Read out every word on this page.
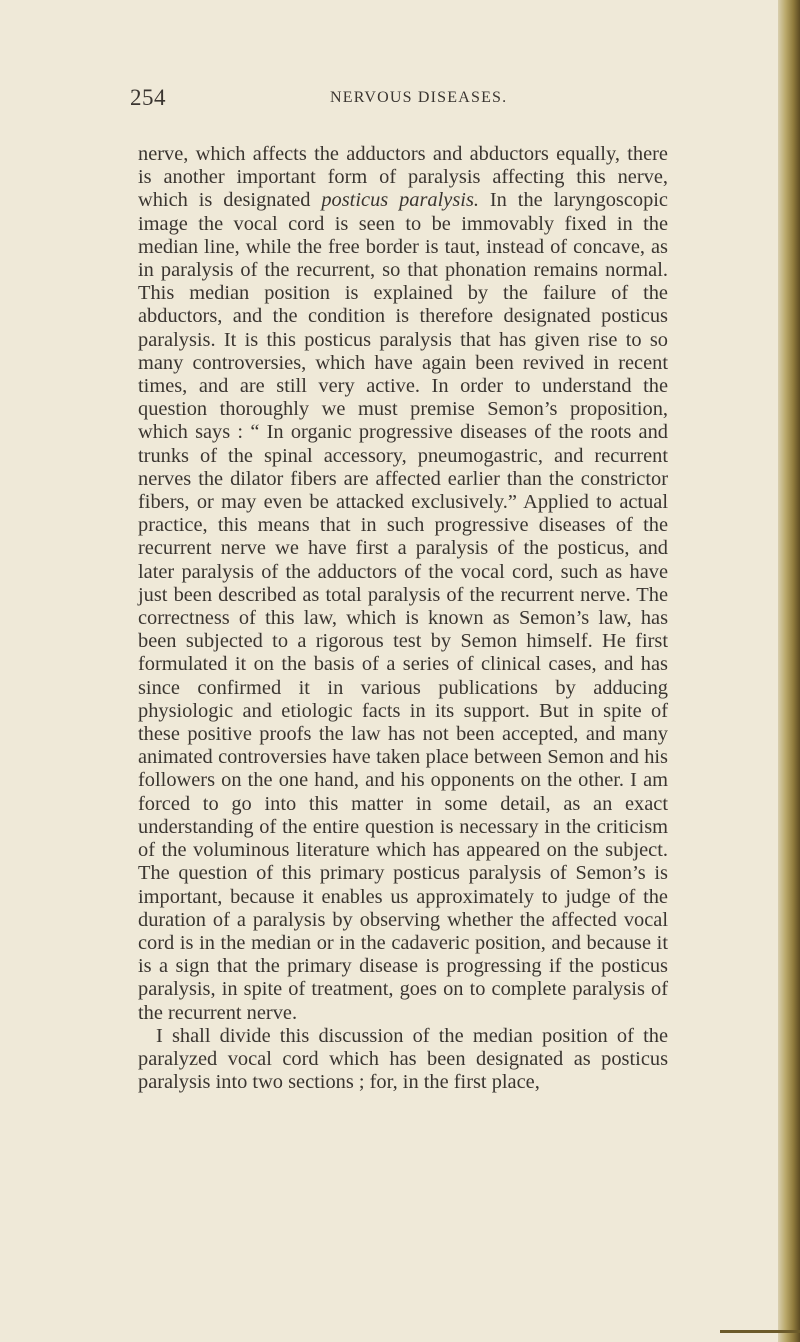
254	NERVOUS DISEASES.

nerve, which affects the adductors and abductors equally, there is another important form of paralysis affecting this nerve, which is designated posticus paralysis. In the laryngoscopic image the vocal cord is seen to be immovably fixed in the median line, while the free border is taut, instead of concave, as in paralysis of the recurrent, so that phonation remains normal. This median position is explained by the failure of the abductors, and the condition is therefore designated posticus paralysis. It is this posticus paralysis that has given rise to so many controversies, which have again been revived in recent times, and are still very active. In order to understand the question thoroughly we must premise Semon’s proposition, which says : “ In organic progressive diseases of the roots and trunks of the spinal accessory, pneumogastric, and recurrent nerves the dilator fibers are affected earlier than the constrictor fibers, or may even be attacked exclusively.” Applied to actual practice, this means that in such progressive diseases of the recurrent nerve we have first a paralysis of the posticus, and later paralysis of the adductors of the vocal cord, such as have just been described as total paralysis of the recurrent nerve. The correctness of this law, which is known as Semon’s law, has been subjected to a rigorous test by Semon himself. He first formulated it on the basis of a series of clinical cases, and has since confirmed it in various publications by adducing physiologic and etiologic facts in its support. But in spite of these positive proofs the law has not been accepted, and many animated controversies have taken place between Semon and his followers on the one hand, and his opponents on the other. I am forced to go into this matter in some detail, as an exact understanding of the entire question is necessary in the criticism of the voluminous literature which has appeared on the subject. The question of this primary posticus paralysis of Semon’s is important, because it enables us approximately to judge of the duration of a paralysis by observing whether the affected vocal cord is in the median or in the cadaveric position, and because it is a sign that the primary disease is progressing if the posticus paralysis, in spite of treatment, goes on to complete paralysis of the recurrent nerve.

I shall divide this discussion of the median position of the paralyzed vocal cord which has been designated as posticus paralysis into two sections ; for, in the first place,
